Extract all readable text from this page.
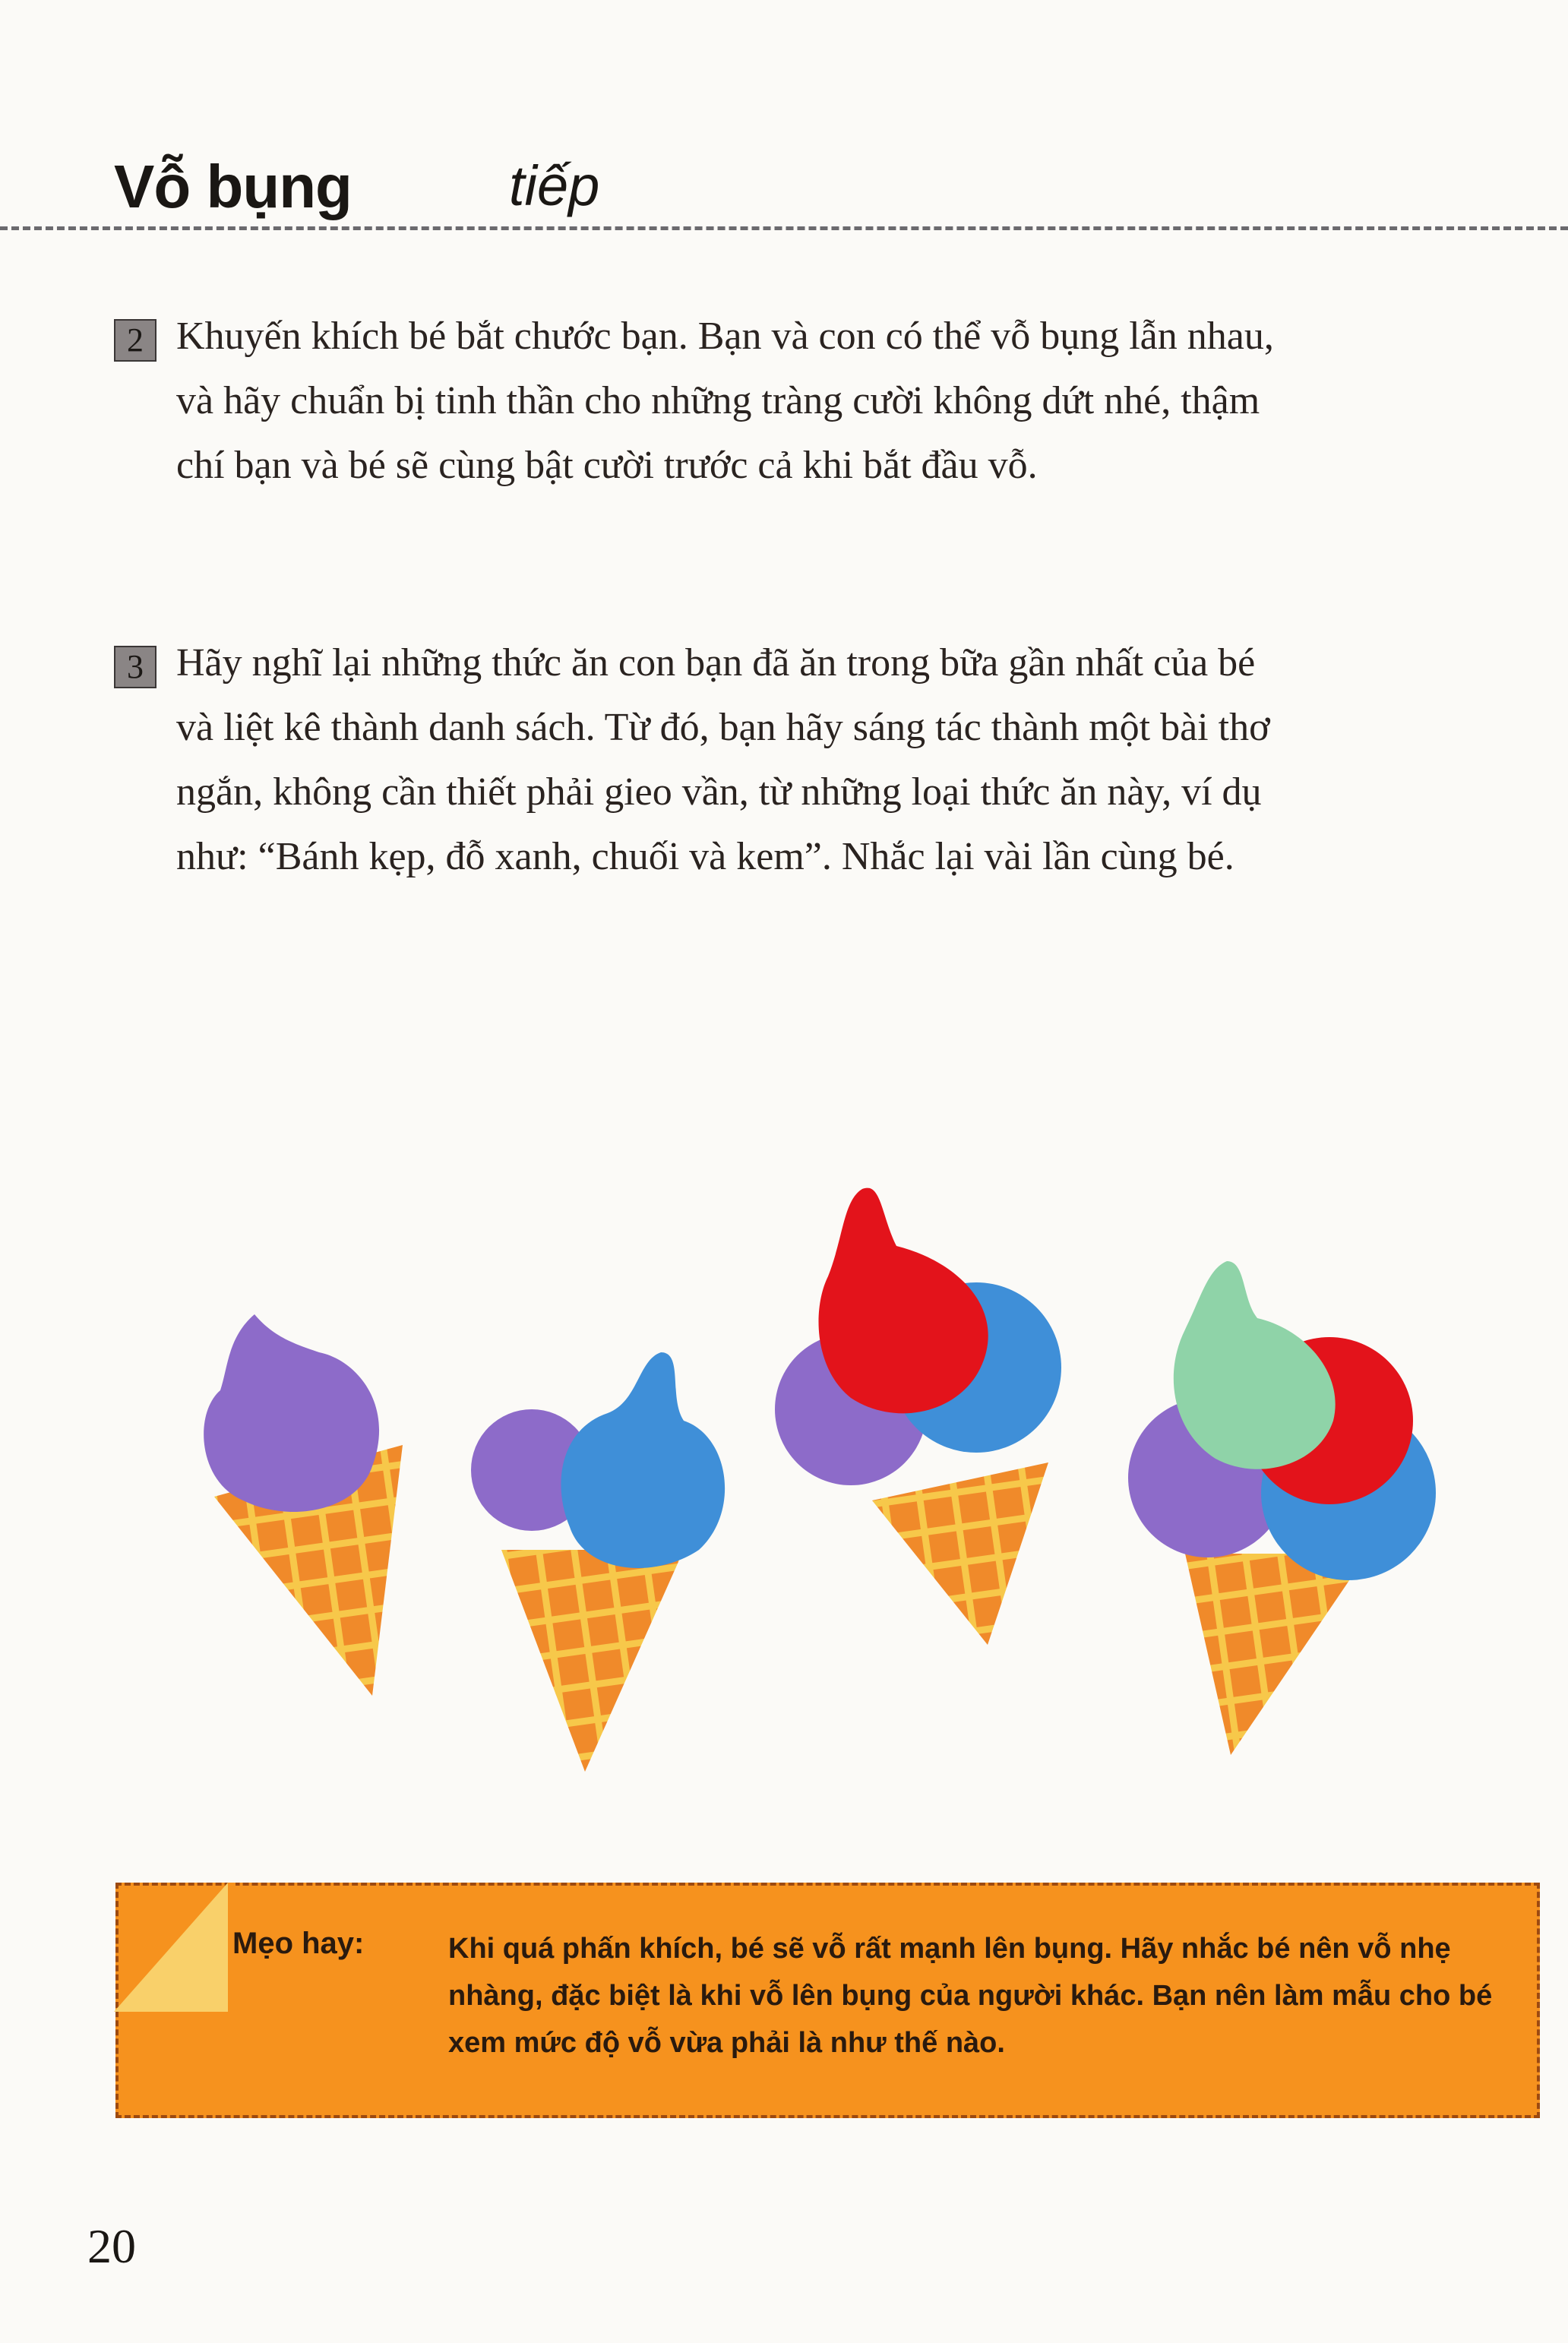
Vỗ bụng	tiếp
2 Khuyến khích bé bắt chước bạn. Bạn và con có thể vỗ bụng lẫn nhau, và hãy chuẩn bị tinh thần cho những tràng cười không dứt nhé, thậm chí bạn và bé sẽ cùng bật cười trước cả khi bắt đầu vỗ.
3 Hãy nghĩ lại những thức ăn con bạn đã ăn trong bữa gần nhất của bé và liệt kê thành danh sách. Từ đó, bạn hãy sáng tác thành một bài thơ ngắn, không cần thiết phải gieo vần, từ những loại thức ăn này, ví dụ như: “Bánh kẹp, đỗ xanh, chuối và kem”. Nhắc lại vài lần cùng bé.
Mẹo hay:	Khi quá phấn khích, bé sẽ vỗ rất mạnh lên bụng. Hãy nhắc bé nên vỗ nhẹ nhàng, đặc biệt là khi vỗ lên bụng của người khác. Bạn nên làm mẫu cho bé xem mức độ vỗ vừa phải là như thế nào.
20
